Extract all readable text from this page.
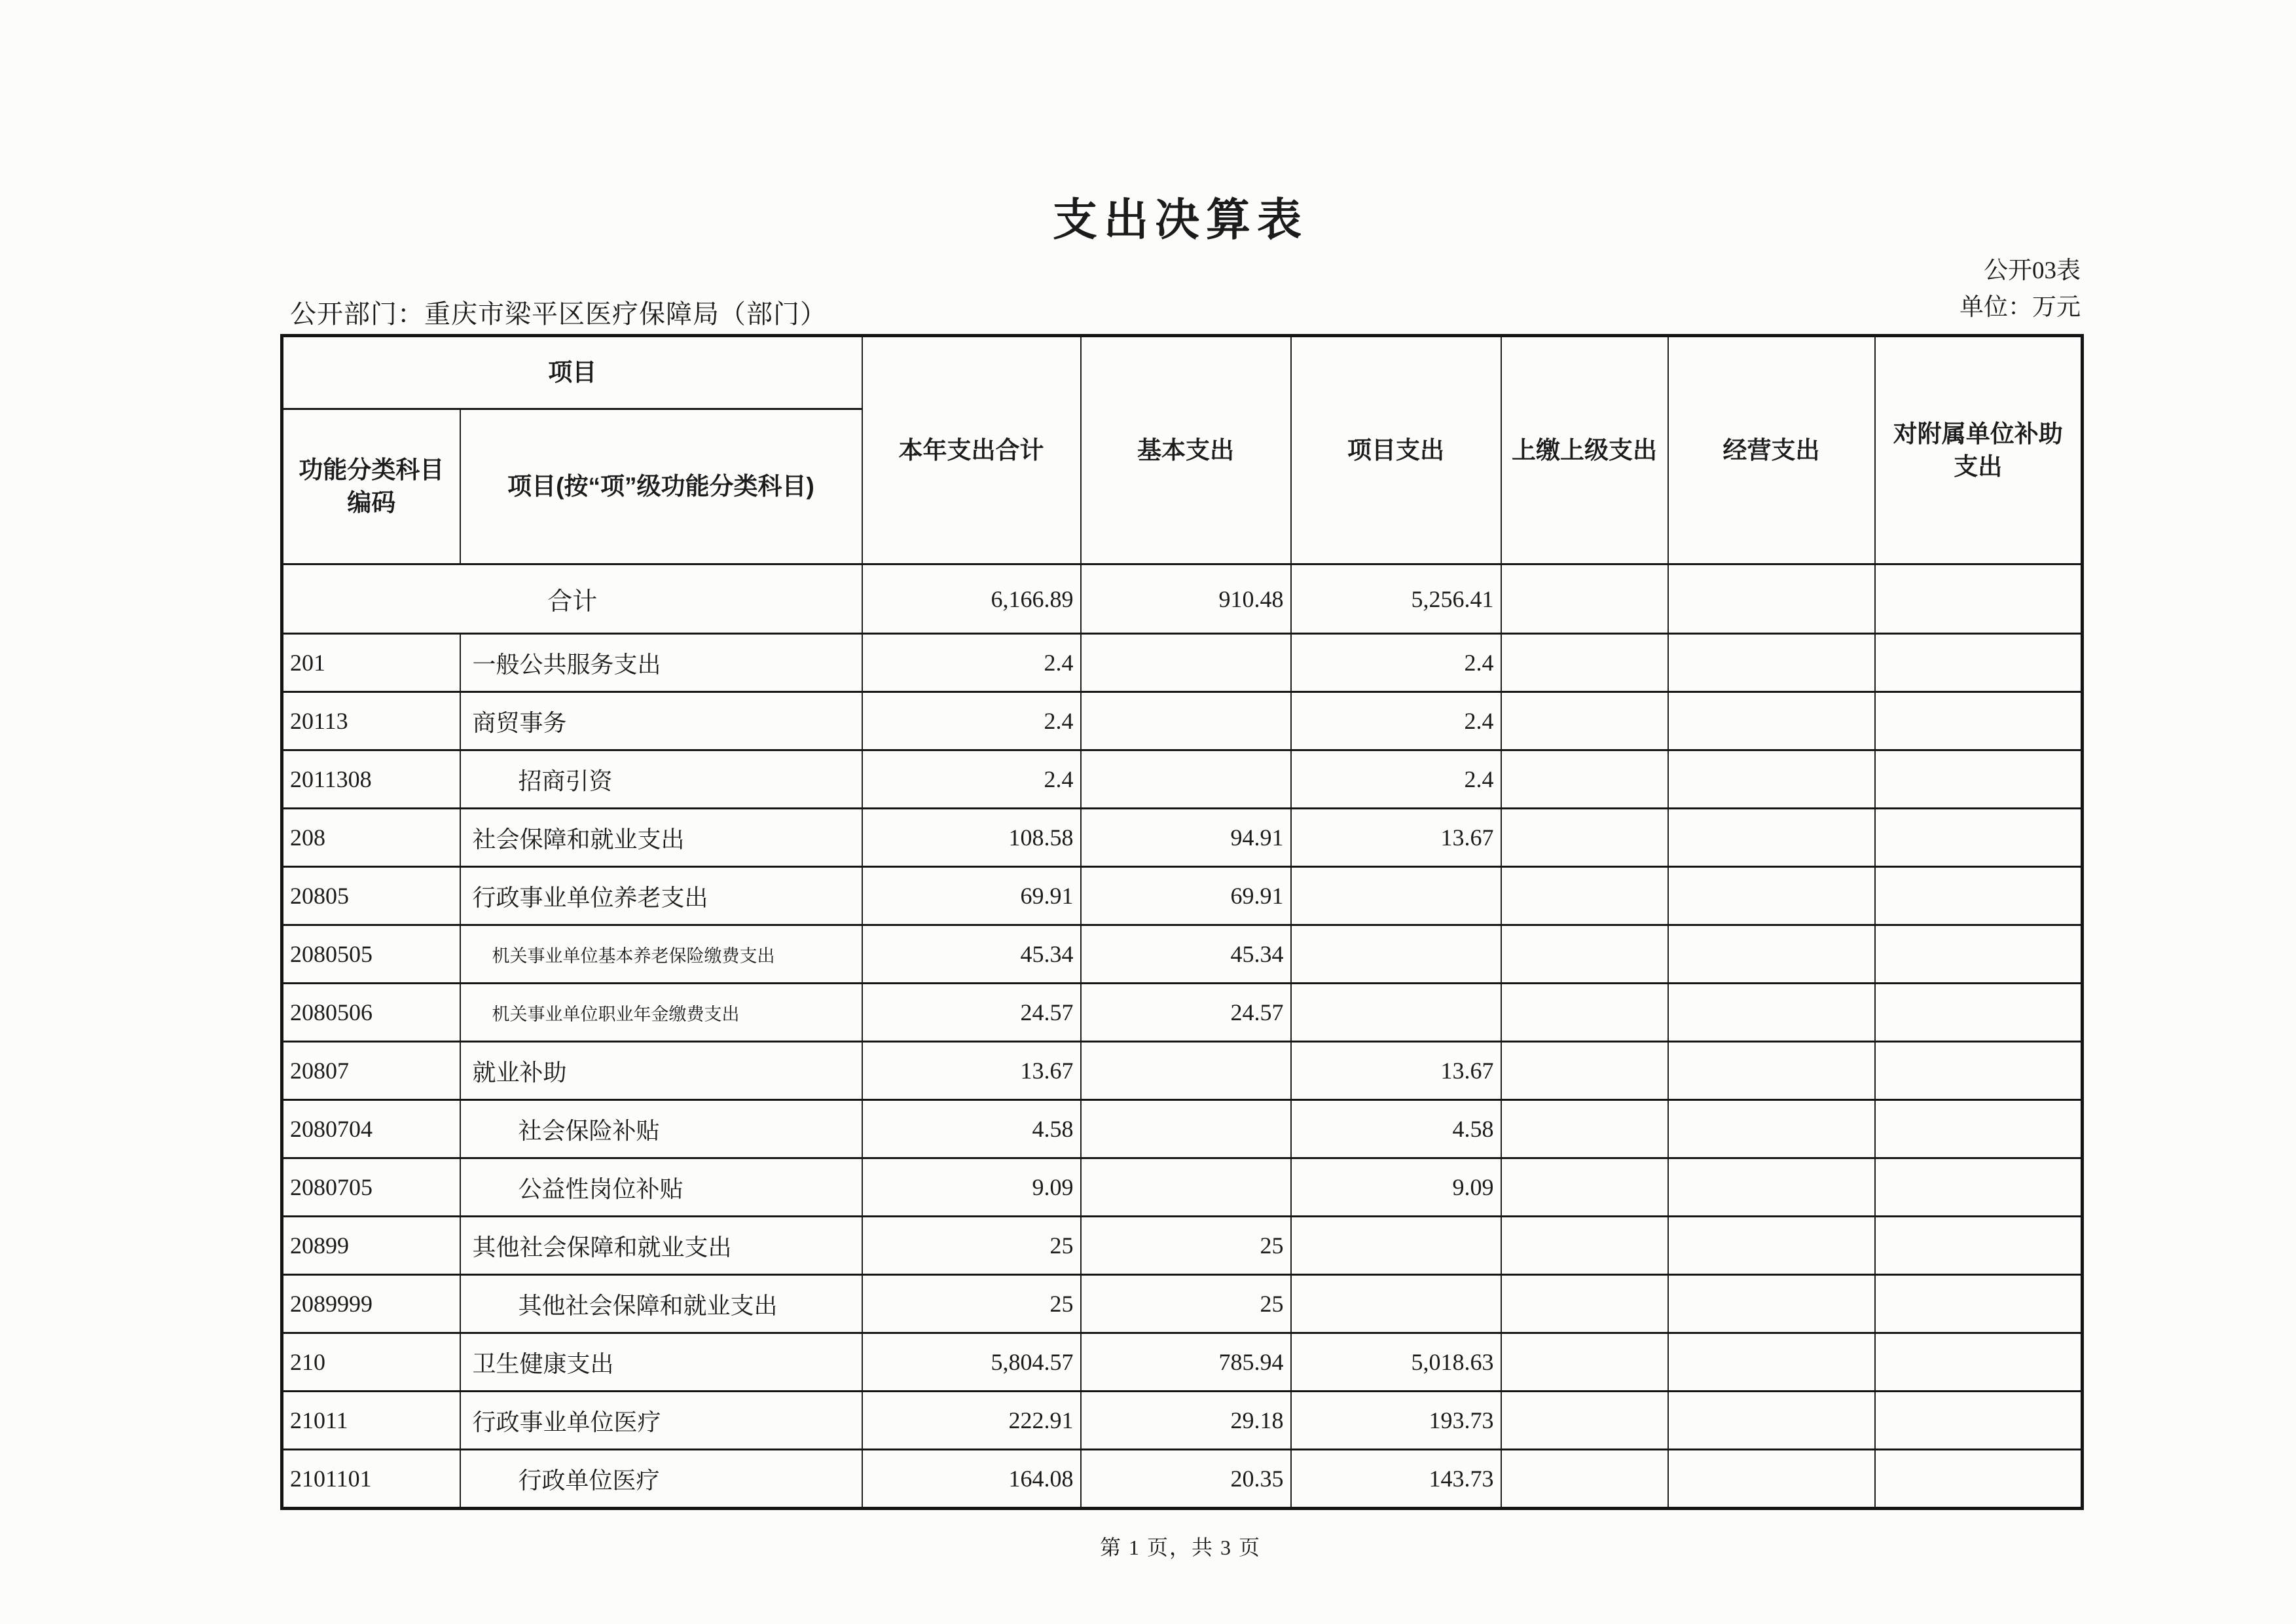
支出决算表
公开03表
单位：万元
公开部门：重庆市梁平区医疗保障局（部门）
项目		本年支出合计	基本支出	项目支出	上缴上级支出	经营支出	对附属单位补助支出
功能分类科目编码	项目(按“项”级功能分类科目)						
合计		6,166.89	910.48	5,256.41			
201	一般公共服务支出	2.4		2.4			
20113	商贸事务	2.4		2.4			
2011308	招商引资	2.4		2.4			
208	社会保障和就业支出	108.58	94.91	13.67			
20805	行政事业单位养老支出	69.91	69.91				
2080505	机关事业单位基本养老保险缴费支出	45.34	45.34				
2080506	机关事业单位职业年金缴费支出	24.57	24.57				
20807	就业补助	13.67		13.67			
2080704	社会保险补贴	4.58		4.58			
2080705	公益性岗位补贴	9.09		9.09			
20899	其他社会保障和就业支出	25	25				
2089999	其他社会保障和就业支出	25	25				
210	卫生健康支出	5,804.57	785.94	5,018.63			
21011	行政事业单位医疗	222.91	29.18	193.73			
2101101	行政单位医疗	164.08	20.35	143.73			
第 1 页，共 3 页
